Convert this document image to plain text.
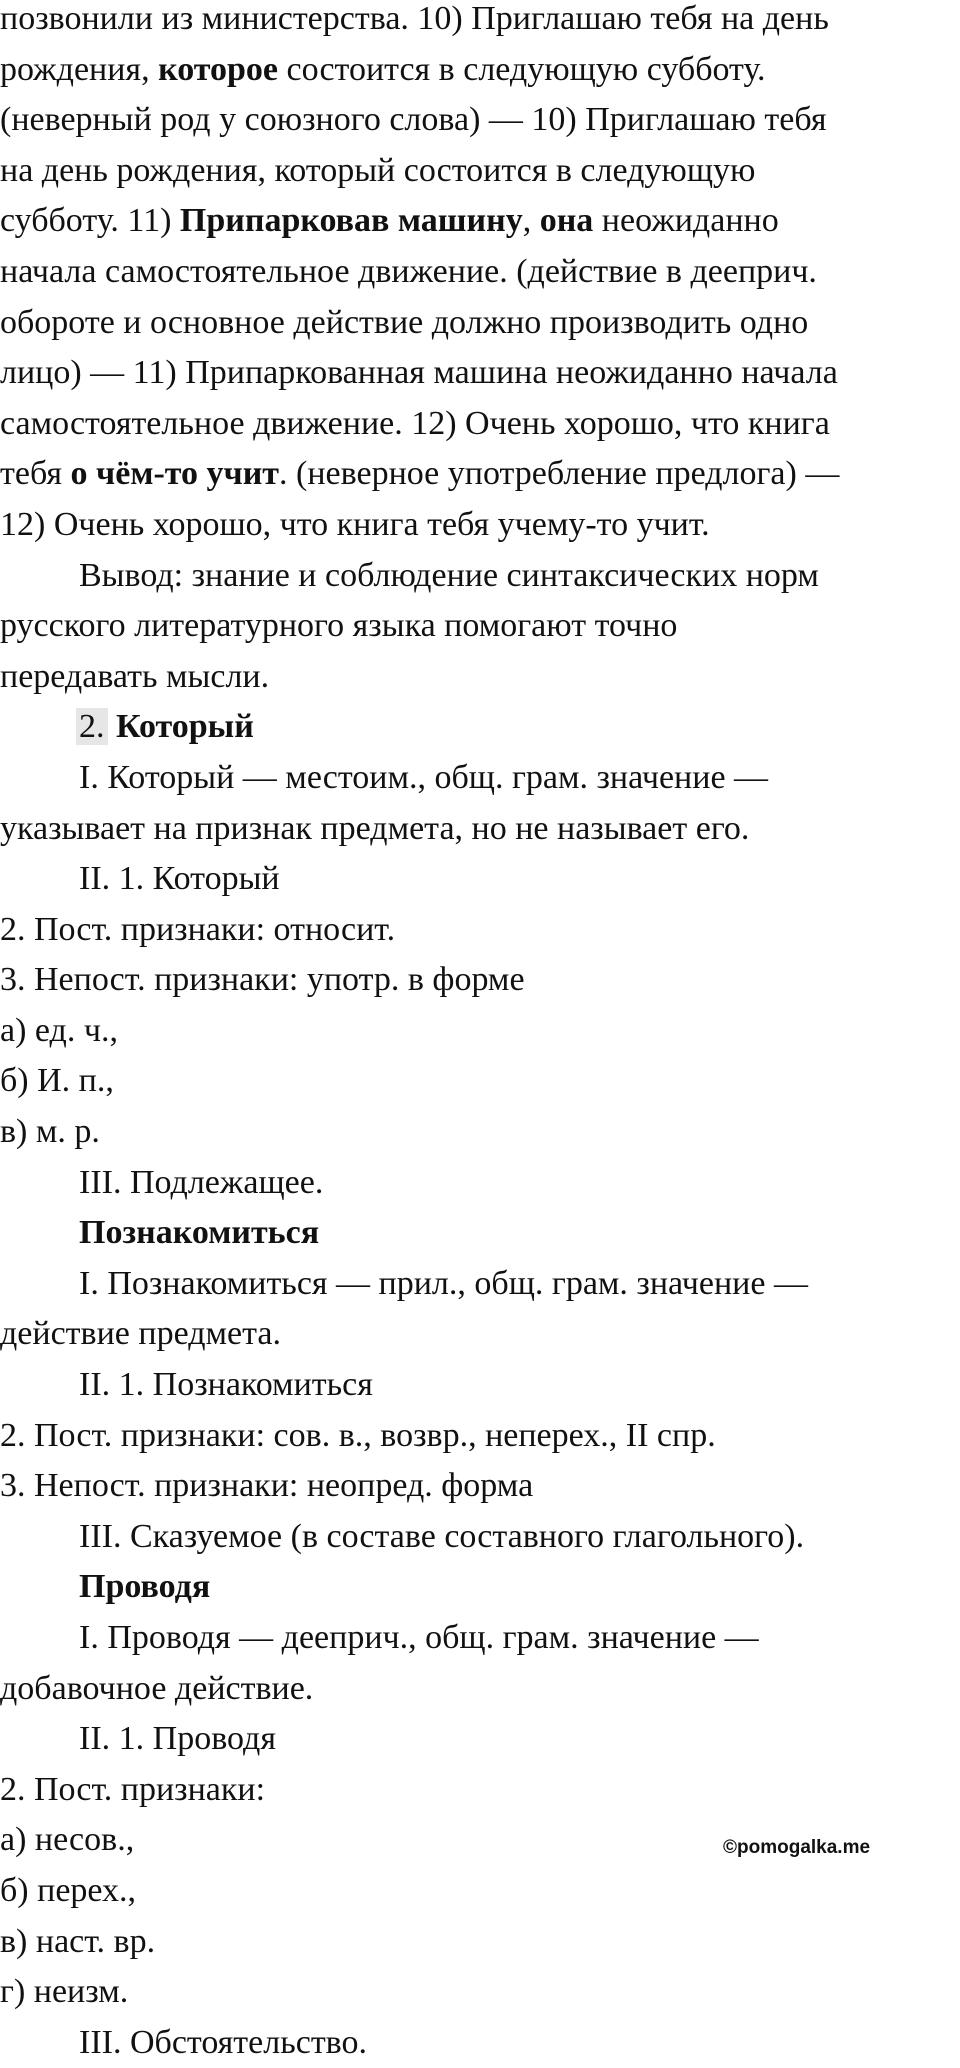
позвонили из министерства. 10) Приглашаю тебя на день
рождения, которое состоится в следующую субботу.
(неверный род у союзного слова) — 10) Приглашаю тебя
на день рождения, который состоится в следующую
субботу. 11) Припарковав машину, она неожиданно
начала самостоятельное движение. (действие в дееприч.
обороте и основное действие должно производить одно
лицо) — 11) Припаркованная машина неожиданно начала
самостоятельное движение. 12) Очень хорошо, что книга
тебя о чём-то учит. (неверное употребление предлога) —
12) Очень хорошо, что книга тебя учему-то учит.
Вывод: знание и соблюдение синтаксических норм
русского литературного языка помогают точно
передавать мысли.
2. Который
I. Который — местоим., общ. грам. значение —
указывает на признак предмета, но не называет его.
II. 1. Который
2. Пост. признаки: относит.
3. Непост. признаки: употр. в форме
а) ед. ч.,
б) И. п.,
в) м. р.
III. Подлежащее.
Познакомиться
I. Познакомиться — прил., общ. грам. значение —
действие предмета.
II. 1. Познакомиться
2. Пост. признаки: сов. в., возвр., неперех., II спр.
3. Непост. признаки: неопред. форма
III. Сказуемое (в составе составного глагольного).
Проводя
I. Проводя — дееприч., общ. грам. значение —
добавочное действие.
II. 1. Проводя
2. Пост. признаки:
а) несов.,
б) перех.,
в) наст. вр.
г) неизм.
III. Обстоятельство.
©pomogalka.me
